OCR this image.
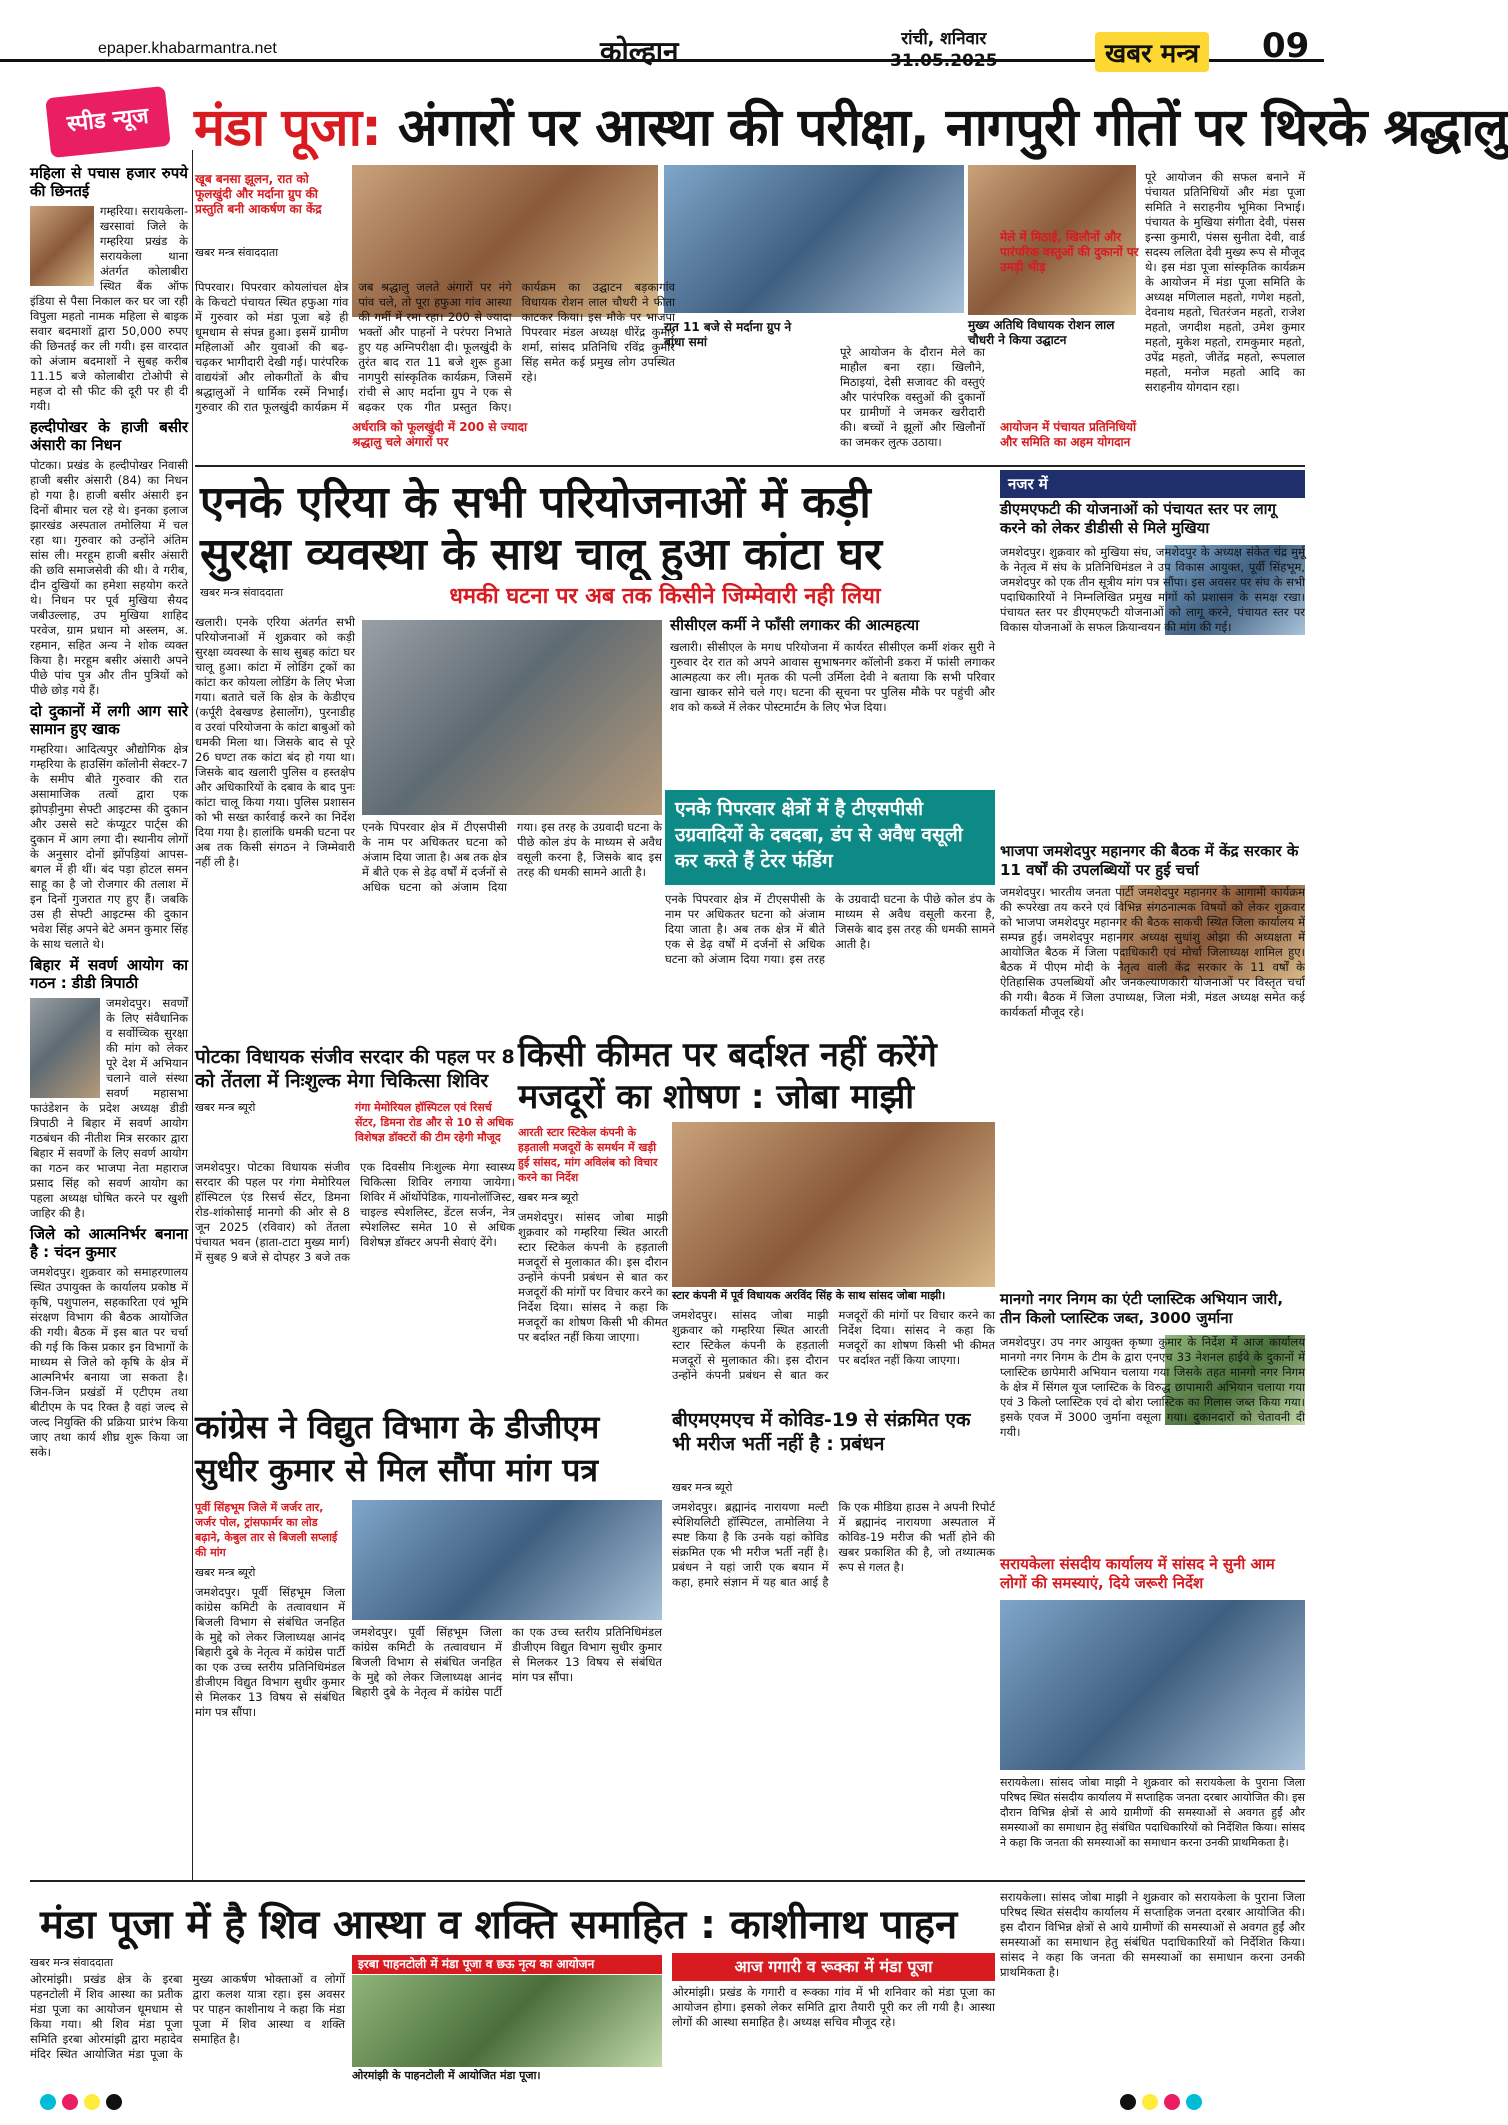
epaper.khabarmantra.net	कोल्हान	रांची, शनिवार
31.05.2025	खबर मन्त्र 09
स्पीड न्यूज
महिला से पचास हजार रुपये की छिनतई

गम्हरिया। सरायकेला-खरसावां जिले के गम्हरिया प्रखंड के सरायकेला थाना अंतर्गत कोलाबीरा स्थित बैंक ऑफ इंडिया से पैसा निकाल कर घर जा रही विपुला महतो नामक महिला से बाइक सवार बदमाशों द्वारा 50,000 रुपए की छिनतई कर ली गयी। इस वारदात को अंजाम बदमाशों ने सुबह करीब 11.15 बजे कोलाबीरा टोओपी से महज दो सौ फीट की दूरी पर ही दी गयी।

हल्दीपोखर के हाजी बसीर अंसारी का निधन

पोटका। प्रखंड के हल्दीपोखर निवासी हाजी बसीर अंसारी (84) का निधन हो गया है। हाजी बसीर अंसारी इन दिनों बीमार चल रहे थे। इनका इलाज झारखंड अस्पताल तमोलिया में चल रहा था। गुरुवार को उन्होंने अंतिम सांस ली। मरहूम हाजी बसीर अंसारी की छवि समाजसेवी की थी। वे गरीब, दीन दुखियों का हमेशा सहयोग करते थे। निधन पर पूर्व मुखिया सैयद जबीउल्लाह, उप मुखिया शाहिद परवेज, ग्राम प्रधान मो अस्लम, अ. रहमान, सहित अन्य ने शोक व्यक्त किया है। मरहूम बसीर अंसारी अपने पीछे पांच पुत्र और तीन पुत्रियों को पीछे छोड़ गये हैं।

दो दुकानों में लगी आग सारे सामान हुए खाक

गम्हरिया। आदित्यपुर औद्योगिक क्षेत्र गम्हरिया के हाउसिंग कॉलोनी सेक्टर-7 के समीप बीते गुरुवार की रात असामाजिक तत्वों द्वारा एक झोपड़ीनुमा सेफ्टी आइटम्स की दुकान और उससे सटे कंप्यूटर पार्ट्स की दुकान में आग लगा दी। स्थानीय लोगों के अनुसार दोनों झोंपड़ियां आपस-बगल में ही थीं। बंद पड़ा होटल समन साहू का है जो रोजगार की तलाश में इन दिनों गुजरात गए हुए हैं। जबकि उस ही सेफ्टी आइटम्स की दुकान भवेश सिंह अपने बेटे अमन कुमार सिंह के साथ चलाते थे।

बिहार में सवर्ण आयोग का गठन : डीडी त्रिपाठी

जमशेदपुर। सवर्णों के लिए संवैधानिक व सर्वोच्चिक सुरक्षा की मांग को लेकर पूरे देश में अभियान चलाने वाले संस्था सवर्ण महासभा फाउंडेशन के प्रदेश अध्यक्ष डीडी त्रिपाठी ने बिहार में सवर्ण आयोग गठबंधन की नीतीश मित्र सरकार द्वारा बिहार में सवर्णों के लिए सवर्ण आयोग का गठन कर भाजपा नेता महाराज प्रसाद सिंह को सवर्ण आयोग का पहला अध्यक्ष घोषित करने पर खुशी जाहिर की है।

जिले को आत्मनिर्भर बनाना है : चंदन कुमार

जमशेदपुर। शुक्रवार को समाहरणालय स्थित उपायुक्त के कार्यालय प्रकोष्ठ में कृषि, पशुपालन, सहकारिता एवं भूमि संरक्षण विभाग की बैठक आयोजित की गयी। बैठक में इस बात पर चर्चा की गई कि किस प्रकार इन विभागों के माध्यम से जिले को कृषि के क्षेत्र में आत्मनिर्भर बनाया जा सकता है। जिन-जिन प्रखंडों में एटीएम तथा बीटीएम के पद रिक्त है वहां जल्द से जल्द नियुक्ति की प्रक्रिया प्रारंभ किया जाए तथा कार्य शीघ्र शुरू किया जा सके।

मंडा पूजा: अंगारों पर आस्था की परीक्षा, नागपुरी गीतों पर थिरके श्रद्धालु
खूब बनसा झूलन, रात को फूलखुंदी और मर्दाना ग्रुप की प्रस्तुति बनी आकर्षण का केंद्र
खबर मन्त्र संवाददाता
रात 11 बजे से मर्दाना ग्रुप ने बांधा समां
मुख्य अतिथि विधायक रोशन लाल चौधरी ने किया उद्घाटन
पिपरवार। पिपरवार कोयलांचल क्षेत्र के किचटो पंचायत स्थित हफुआ गांव में गुरुवार को मंडा पूजा बड़े ही धूमधाम से संपन्न हुआ। इसमें ग्रामीण महिलाओं और युवाओं की बढ़-चढ़कर भागीदारी देखी गई। पारंपरिक वाद्ययंत्रों और लोकगीतों के बीच श्रद्धालुओं ने धार्मिक रस्में निभाईं। गुरुवार की रात फूलखुंदी कार्यक्रम में जब श्रद्धालु जलते अंगारों पर नंगे पांव चले, तो पूरा हफुआ गांव आस्था की गर्मी में रमा रहा। 200 से ज्यादा भक्तों और पाहनों ने परंपरा निभाते हुए यह अग्निपरीक्षा दी। फूलखुंदी के तुरंत बाद रात 11 बजे शुरू हुआ नागपुरी सांस्कृतिक कार्यक्रम, जिसमें रांची से आए मर्दाना ग्रुप ने एक से बढ़कर एक गीत प्रस्तुत किए। कार्यक्रम का उद्घाटन बड़कागांव विधायक रोशन लाल चौधरी ने फीता काटकर किया। इस मौके पर भाजपा पिपरवार मंडल अध्यक्ष धीरेंद्र कुमार शर्मा, सांसद प्रतिनिधि रविंद्र कुमार सिंह समेत कई प्रमुख लोग उपस्थित रहे।
अर्धरात्रि को फूलखुंदी में 200 से ज्यादा श्रद्धालु चले अंगारों पर
पूरे आयोजन के दौरान मेले का माहौल बना रहा। खिलौने, मिठाइयां, देसी सजावट की वस्तुएं और पारंपरिक वस्तुओं की दुकानों पर ग्रामीणों ने जमकर खरीदारी की। बच्चों ने झूलों और खिलौनों का जमकर लुत्फ उठाया।
मेले में मिठाई, खिलौनों और पारंपरिक वस्तुओं की दुकानों पर उमड़ी भीड़
आयोजन में पंचायत प्रतिनिधियों और समिति का अहम योगदान
पूरे आयोजन की सफल बनाने में पंचायत प्रतिनिधियों और मंडा पूजा समिति ने सराहनीय भूमिका निभाई। पंचायत के मुखिया संगीता देवी, पंसस इन्सा कुमारी, पंसस सुनीता देवी, वार्ड सदस्य ललिता देवी मुख्य रूप से मौजूद थे। इस मंडा पूजा सांस्कृतिक कार्यक्रम के आयोजन में मंडा पूजा समिति के अध्यक्ष मणिलाल महतो, गणेश महतो, देवनाथ महतो, चितरंजन महतो, राजेश महतो, जगदीश महतो, उमेश कुमार महतो, मुकेश महतो, रामकुमार महतो, उपेंद्र महतो, जीतेंद्र महतो, रूपलाल महतो, मनोज महतो आदि का सराहनीय योगदान रहा।
एनके एरिया के सभी परियोजनाओं में कड़ी
सुरक्षा व्यवस्था के साथ चालू हुआ कांटा घर
धमकी घटना पर अब तक किसीने जिम्मेवारी नही लिया
खबर मन्त्र संवाददाता
खलारी। एनके एरिया अंतर्गत सभी परियोजनाओं में शुक्रवार को कड़ी सुरक्षा व्यवस्था के साथ सुबह कांटा घर चालू हुआ। कांटा में लोडिंग ट्रकों का कांटा कर कोयला लोडिंग के लिए भेजा गया। बताते चलें कि क्षेत्र के केडीएच (कर्पूरी देबखण्ड हेसालोंग), पुरनाडीह व उरवां परियोजना के कांटा बाबुओं को धमकी मिला था। जिसके बाद से पूरे 26 घण्टा तक कांटा बंद हो गया था। जिसके बाद खलारी पुलिस व हस्तक्षेप और अधिकारियों के दबाव के बाद पुनः कांटा चालू किया गया। पुलिस प्रशासन को भी सख्त कार्रवाई करने का निर्देश दिया गया है। हालांकि धमकी घटना पर अब तक किसी संगठन ने जिम्मेवारी नहीं ली है।
एनके पिपरवार क्षेत्र में टीएसपीसी के नाम पर अधिकतर घटना को अंजाम दिया जाता है। अब तक क्षेत्र में बीते एक से डेढ़ वर्षों में दर्जनों से अधिक घटना को अंजाम दिया गया। इस तरह के उग्रवादी घटना के पीछे कोल डंप के माध्यम से अवैध वसूली करना है, जिसके बाद इस तरह की धमकी सामने आती है।
सीसीएल कर्मी ने फाँसी लगाकर की आत्महत्या
खलारी। सीसीएल के मगध परियोजना में कार्यरत सीसीएल कर्मी शंकर सुरी ने गुरुवार देर रात को अपने आवास सुभाषनगर कॉलोनी डकरा में फांसी लगाकर आत्महत्या कर ली। मृतक की पत्नी उर्मिला देवी ने बताया कि सभी परिवार खाना खाकर सोने चले गए। घटना की सूचना पर पुलिस मौके पर पहुंची और शव को कब्जे में लेकर पोस्टमार्टम के लिए भेज दिया।
एनके पिपरवार क्षेत्रों में है टीएसपीसी उग्रवादियों के दबदबा, डंप से अवैध वसूली कर करते हैं टेरर फंडिंग
एनके पिपरवार क्षेत्र में टीएसपीसी के नाम पर अधिकतर घटना को अंजाम दिया जाता है। अब तक क्षेत्र में बीते एक से डेढ़ वर्षों में दर्जनों से अधिक घटना को अंजाम दिया गया। इस तरह के उग्रवादी घटना के पीछे कोल डंप के माध्यम से अवैध वसूली करना है, जिसके बाद इस तरह की धमकी सामने आती है।
नजर में
डीएमएफटी की योजनाओं को पंचायत स्तर पर लागू करने को लेकर डीडीसी से मिले मुखिया
जमशेदपुर। शुक्रवार को मुखिया संघ, जमशेदपुर के अध्यक्ष संकेत चंद्र मुर्मू के नेतृत्व में संघ के प्रतिनिधिमंडल ने उप विकास आयुक्त, पूर्वी सिंहभूम, जमशेदपुर को एक तीन सूत्रीय मांग पत्र सौंपा। इस अवसर पर संघ के सभी पदाधिकारियों ने निम्नलिखित प्रमुख मांगों को प्रशासन के समक्ष रखा। पंचायत स्तर पर डीएमएफटी योजनाओं को लागू करने, पंचायत स्तर पर विकास योजनाओं के सफल क्रियान्वयन की मांग की गई।
भाजपा जमशेदपुर महानगर की बैठक में केंद्र सरकार के 11 वर्षों की उपलब्धियों पर हुई चर्चा
जमशेदपुर। भारतीय जनता पार्टी जमशेदपुर महानगर के आगामी कार्यक्रम की रूपरेखा तय करने एवं विभिन्न संगठनात्मक विषयों को लेकर शुक्रवार को भाजपा जमशेदपुर महानगर की बैठक साकची स्थित जिला कार्यालय में सम्पन्न हुई। जमशेदपुर महानगर अध्यक्ष सुधांशु ओझा की अध्यक्षता में आयोजित बैठक में जिला पदाधिकारी एवं मोर्चा जिलाध्यक्ष शामिल हुए। बैठक में पीएम मोदी के नेतृत्व वाली केंद्र सरकार के 11 वर्षों के ऐतिहासिक उपलब्धियों और जनकल्याणकारी योजनाओं पर विस्तृत चर्चा की गयी। बैठक में जिला उपाध्यक्ष, जिला मंत्री, मंडल अध्यक्ष समेत कई कार्यकर्ता मौजूद रहे।
मानगो नगर निगम का एंटी प्लास्टिक अभियान जारी, तीन किलो प्लास्टिक जब्त, 3000 जुर्माना
जमशेदपुर। उप नगर आयुक्त कृष्णा कुमार के निर्देश में आज कार्यालय मानगो नगर निगम के टीम के द्वारा एनएच 33 नेशनल हाईवे के दुकानों में प्लास्टिक छापेमारी अभियान चलाया गया जिसके तहत मानगो नगर निगम के क्षेत्र में सिंगल यूज प्लास्टिक के विरुद्ध छापामारी अभियान चलाया गया एवं 3 किलो प्लास्टिक एवं दो बोरा प्लास्टिक का गिलास जब्त किया गया। इसके एवज में 3000 जुर्माना वसूला गया। दुकानदारों को चेतावनी दी गयी।
सरायकेला संसदीय कार्यालय में सांसद ने सुनी आम लोगों की समस्याएं, दिये जरूरी निर्देश
सरायकेला। सांसद जोबा माझी ने शुक्रवार को सरायकेला के पुराना जिला परिषद स्थित संसदीय कार्यालय में सप्ताहिक जनता दरबार आयोजित की। इस दौरान विभिन्न क्षेत्रों से आये ग्रामीणों की समस्याओं से अवगत हुईं और समस्याओं का समाधान हेतु संबंधित पदाधिकारियों को निर्देशित किया। सांसद ने कहा कि जनता की समस्याओं का समाधान करना उनकी प्राथमिकता है।
पोटका विधायक संजीव सरदार की पहल पर 8 को तेंतला में निःशुल्क मेगा चिकित्सा शिविर
खबर मन्त्र ब्यूरो	गंगा मेमोरियल हॉस्पिटल एवं रिसर्च सेंटर, डिमना रोड और से 10 से अधिक विशेषज्ञ डॉक्टरों की टीम रहेगी मौजूद
जमशेदपुर। पोटका विधायक संजीव सरदार की पहल पर गंगा मेमोरियल हॉस्पिटल एंड रिसर्च सेंटर, डिमना रोड-शांकोसाई मानगो की ओर से 8 जून 2025 (रविवार) को तेंतला पंचायत भवन (हाता-टाटा मुख्य मार्ग) में सुबह 9 बजे से दोपहर 3 बजे तक एक दिवसीय निःशुल्क मेगा स्वास्थ्य चिकित्सा शिविर लगाया जायेगा। शिविर में ऑर्थोपेडिक, गायनोलॉजिस्ट, चाइल्ड स्पेशलिस्ट, डेंटल सर्जन, नेत्र स्पेशलिस्ट समेत 10 से अधिक विशेषज्ञ डॉक्टर अपनी सेवाएं देंगे।
किसी कीमत पर बर्दाश्त नहीं करेंगे
मजदूरों का शोषण : जोबा माझी
आरती स्टार स्टिकेल कंपनी के हड़ताली मजदूरों के समर्थन में खड़ी हुई सांसद, मांग अविलंब को विचार करने का निर्देश
खबर मन्त्र ब्यूरो
स्टार कंपनी में पूर्व विधायक अरविंद सिंह के साथ सांसद जोबा माझी।
जमशेदपुर। सांसद जोबा माझी शुक्रवार को गम्हरिया स्थित आरती स्टार स्टिकेल कंपनी के हड़ताली मजदूरों से मुलाकात की। इस दौरान उन्होंने कंपनी प्रबंधन से बात कर मजदूरों की मांगों पर विचार करने का निर्देश दिया। सांसद ने कहा कि मजदूरों का शोषण किसी भी कीमत पर बर्दाश्त नहीं किया जाएगा।
जमशेदपुर। सांसद जोबा माझी शुक्रवार को गम्हरिया स्थित आरती स्टार स्टिकेल कंपनी के हड़ताली मजदूरों से मुलाकात की। इस दौरान उन्होंने कंपनी प्रबंधन से बात कर मजदूरों की मांगों पर विचार करने का निर्देश दिया। सांसद ने कहा कि मजदूरों का शोषण किसी भी कीमत पर बर्दाश्त नहीं किया जाएगा।
कांग्रेस ने विद्युत विभाग के डीजीएम
सुधीर कुमार से मिल सौंपा मांग पत्र
पूर्वी सिंहभूम जिले में जर्जर तार, जर्जर पोल, ट्रांसफार्मर का लोड बढ़ाने, केबुल तार से बिजली सप्लाई की मांग
खबर मन्त्र ब्यूरो
जमशेदपुर। पूर्वी सिंहभूम जिला कांग्रेस कमिटी के तत्वावधान में बिजली विभाग से संबंधित जनहित के मुद्दे को लेकर जिलाध्यक्ष आनंद बिहारी दुबे के नेतृत्व में कांग्रेस पार्टी का एक उच्च स्तरीय प्रतिनिधिमंडल डीजीएम विद्युत विभाग सुधीर कुमार से मिलकर 13 विषय से संबंधित मांग पत्र सौंपा।
जमशेदपुर। पूर्वी सिंहभूम जिला कांग्रेस कमिटी के तत्वावधान में बिजली विभाग से संबंधित जनहित के मुद्दे को लेकर जिलाध्यक्ष आनंद बिहारी दुबे के नेतृत्व में कांग्रेस पार्टी का एक उच्च स्तरीय प्रतिनिधिमंडल डीजीएम विद्युत विभाग सुधीर कुमार से मिलकर 13 विषय से संबंधित मांग पत्र सौंपा।
बीएमएमएच में कोविड-19 से संक्रमित एक भी मरीज भर्ती नहीं है : प्रबंधन
खबर मन्त्र ब्यूरो
जमशेदपुर। ब्रह्मानंद नारायणा मल्टी स्पेशियलिटी हॉस्पिटल, तामोलिया ने स्पष्ट किया है कि उनके यहां कोविड संक्रमित एक भी मरीज भर्ती नहीं है। प्रबंधन ने यहां जारी एक बयान में कहा, हमारे संज्ञान में यह बात आई है कि एक मीडिया हाउस ने अपनी रिपोर्ट में ब्रह्मानंद नारायणा अस्पताल में कोविड-19 मरीज की भर्ती होने की खबर प्रकाशित की है, जो तथ्यात्मक रूप से गलत है।
मंडा पूजा में है शिव आस्था व शक्ति समाहित : काशीनाथ पाहन
खबर मन्त्र संवाददाता
ओरमांझी। प्रखंड क्षेत्र के इरबा पहनटोली में शिव आस्था का प्रतीक मंडा पूजा का आयोजन धूमधाम से किया गया। श्री शिव मंडा पूजा समिति इरबा ओरमांझी द्वारा महादेव मंदिर स्थित आयोजित मंडा पूजा के मुख्य आकर्षण भोक्ताओं व लोगों द्वारा कलश यात्रा रहा। इस अवसर पर पाहन काशीनाथ ने कहा कि मंडा पूजा में शिव आस्था व शक्ति समाहित है।
इरबा पाहनटोली में मंडा पूजा व छऊ नृत्य का आयोजन
ओरमांझी के पाहनटोली में आयोजित मंडा पूजा।
आज गगारी व रूक्का में मंडा पूजा
ओरमांझी। प्रखंड के गगारी व रूक्का गांव में भी शनिवार को मंडा पूजा का आयोजन होगा। इसको लेकर समिति द्वारा तैयारी पूरी कर ली गयी है। आस्था लोगों की आस्था समाहित है। अध्यक्ष सचिव मौजूद रहे।
सरायकेला। सांसद जोबा माझी ने शुक्रवार को सरायकेला के पुराना जिला परिषद स्थित संसदीय कार्यालय में सप्ताहिक जनता दरबार आयोजित की। इस दौरान विभिन्न क्षेत्रों से आये ग्रामीणों की समस्याओं से अवगत हुईं और समस्याओं का समाधान हेतु संबंधित पदाधिकारियों को निर्देशित किया। सांसद ने कहा कि जनता की समस्याओं का समाधान करना उनकी प्राथमिकता है।
